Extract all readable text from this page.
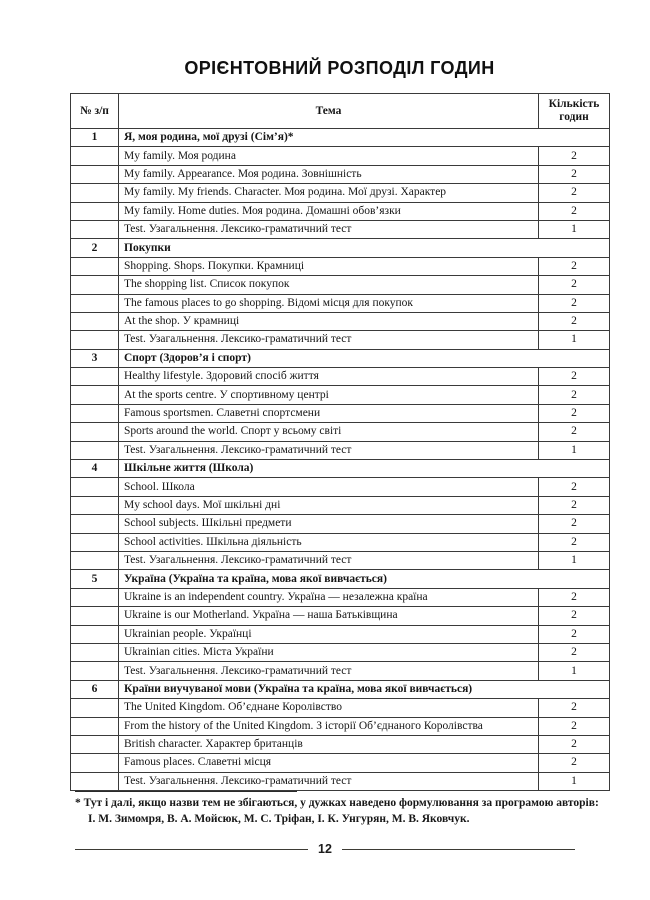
ОРІЄНТОВНИЙ РОЗПОДІЛ ГОДИН
№ з/п	Тема	Кількість годин
1	Я, моя родина, мої друзі (Сім’я)*	
	My family. Моя родина	2
	My family. Appearance. Моя родина. Зовнішність	2
	My family. My friends. Character. Моя родина. Мої друзі. Характер	2
	My family. Home duties. Моя родина. Домашні обов’язки	2
	Test. Узагальнення. Лексико-граматичний тест	1
2	Покупки	
	Shopping. Shops. Покупки. Крамниці	2
	The shopping list. Список покупок	2
	The famous places to go shopping. Відомі місця для покупок	2
	At the shop. У крамниці	2
	Test. Узагальнення. Лексико-граматичний тест	1
3	Спорт (Здоров’я і спорт)	
	Healthy lifestyle. Здоровий спосіб життя	2
	At the sports centre. У спортивному центрі	2
	Famous sportsmen. Славетні спортсмени	2
	Sports around the world. Спорт у всьому світі	2
	Test. Узагальнення. Лексико-граматичний тест	1
4	Шкільне життя (Школа)	
	School. Школа	2
	My school days. Мої шкільні дні	2
	School subjects. Шкільні предмети	2
	School activities. Шкільна діяльність	2
	Test. Узагальнення. Лексико-граматичний тест	1
5	Україна (Україна та країна, мова якої вивчається)	
	Ukraine is an independent country. Україна — незалежна країна	2
	Ukraine is our Motherland. Україна — наша Батьківщина	2
	Ukrainian people. Українці	2
	Ukrainian cities. Міста України	2
	Test. Узагальнення. Лексико-граматичний тест	1
6	Країни виучуваної мови (Україна та країна, мова якої вивчається)	
	The United Kingdom. Об’єднане Королівство	2
	From the history of the United Kingdom. З історії Об’єднаного Королівства	2
	British character. Характер британців	2
	Famous places. Славетні місця	2
	Test. Узагальнення. Лексико-граматичний тест	1
* Тут і далі, якщо назви тем не збігаються, у дужках наведено формулювання за програмою авторів:
І. М. Зимомря, В. А. Мойсюк, М. С. Тріфан, І. К. Унгурян, М. В. Яковчук.
12
